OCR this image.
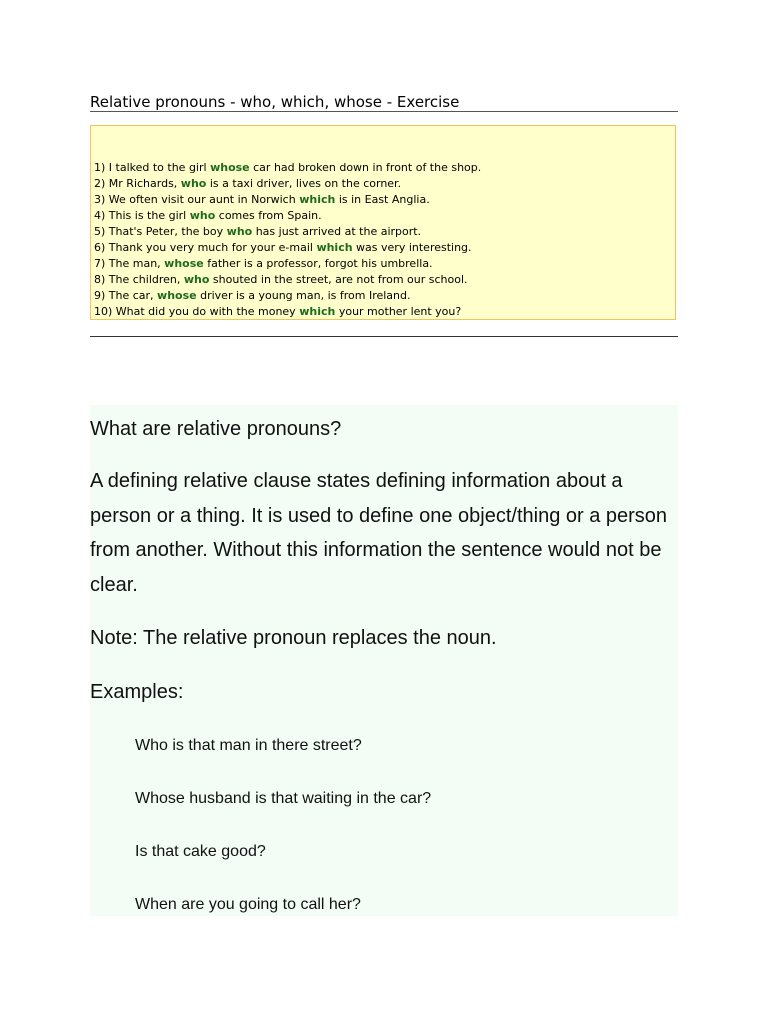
Relative pronouns - who, which, whose - Exercise
1) I talked to the girl whose car had broken down in front of the shop.
2) Mr Richards, who is a taxi driver, lives on the corner.
3) We often visit our aunt in Norwich which is in East Anglia.
4) This is the girl who comes from Spain.
5) That's Peter, the boy who has just arrived at the airport.
6) Thank you very much for your e-mail which was very interesting.
7) The man, whose father is a professor, forgot his umbrella.
8) The children, who shouted in the street, are not from our school.
9) The car, whose driver is a young man, is from Ireland.
10) What did you do with the money which your mother lent you?
What are relative pronouns?
A defining relative clause states defining information about a person or a thing. It is used to define one object/thing or a person from another. Without this information the sentence would not be clear.
Note: The relative pronoun replaces the noun.
Examples:
Who is that man in there street?
Whose husband is that waiting in the car?
Is that cake good?
When are you going to call her?
